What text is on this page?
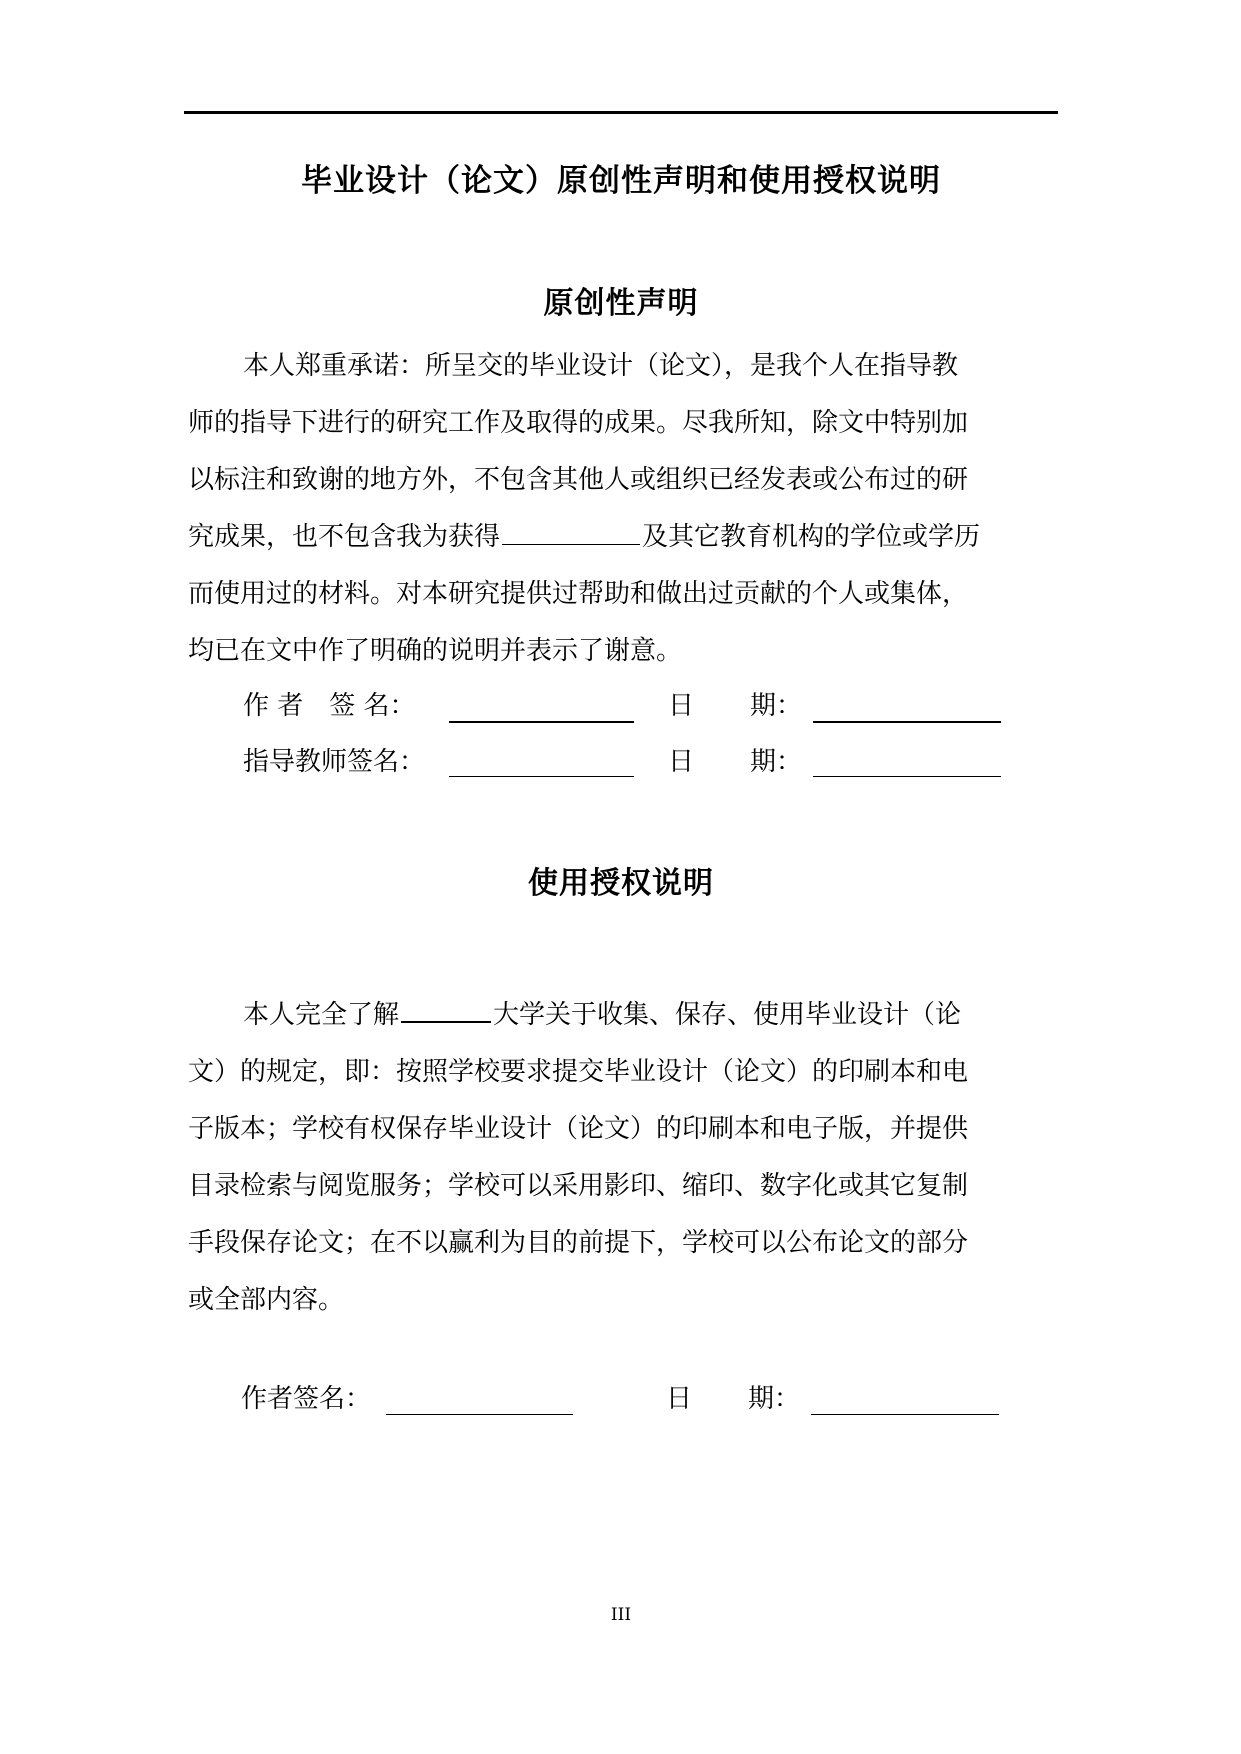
毕业设计（论文）原创性声明和使用授权说明
原创性声明
本人郑重承诺：所呈交的毕业设计（论文），是我个人在指导教
师的指导下进行的研究工作及取得的成果。尽我所知，除文中特别加
以标注和致谢的地方外，不包含其他人或组织已经发表或公布过的研
究成果，也不包含我为获得	及其它教育机构的学位或学历
而使用过的材料。对本研究提供过帮助和做出过贡献的个人或集体，
均已在文中作了明确的说明并表示了谢意。
作 者　签 名：	日 期：
指导教师签名：	日 期：
使用授权说明
本人完全了解	大学关于收集、保存、使用毕业设计（论
文）的规定，即：按照学校要求提交毕业设计（论文）的印刷本和电
子版本；学校有权保存毕业设计（论文）的印刷本和电子版，并提供
目录检索与阅览服务；学校可以采用影印、缩印、数字化或其它复制
手段保存论文；在不以赢利为目的前提下，学校可以公布论文的部分
或全部内容。
作者签名：	日 期：
III
